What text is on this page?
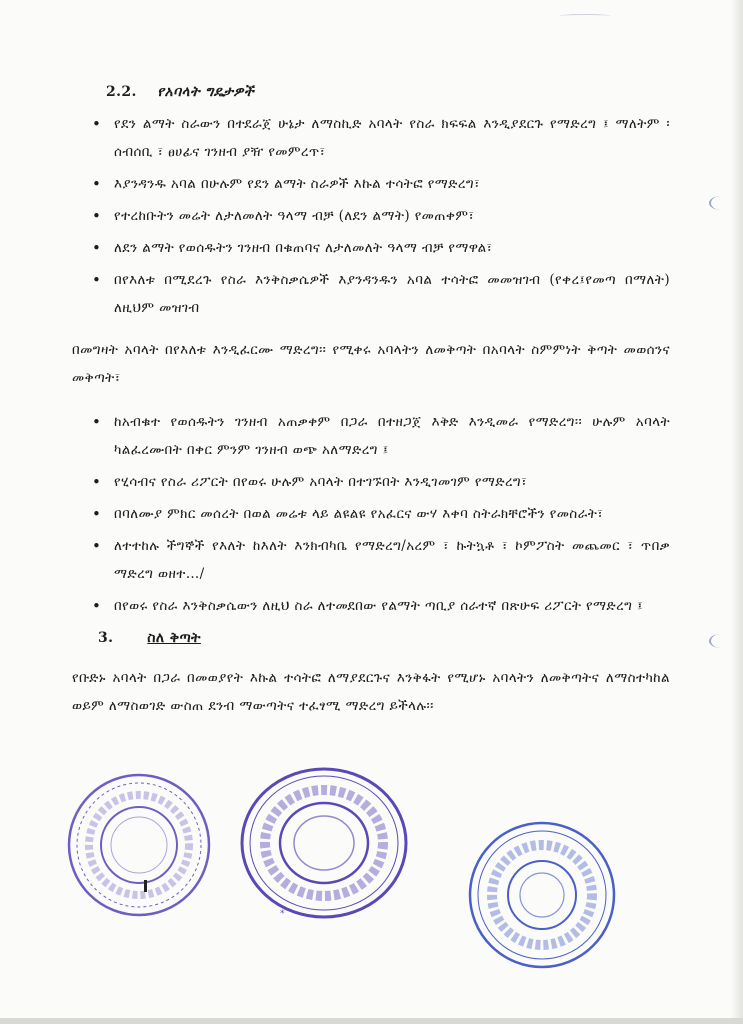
2.2. የአባላት ግዴታዎች
• የደን ልማት ስራውን በተደራጀ ሁኔታ ለማስኪድ አባላት የስራ ክፍፍል እንዲያደርጉ የማድረግ ፤ ማለትም ፡ ሰብሰቢ ፣ ፀሀፊና ገንዘብ ያዥ የመምረጥ፣
• እያንዳንዱ አባል በሁሉም የደን ልማት ስራዎች እኩል ተሳትፎ የማድረግ፣
• የተረከቡትን መሬት ለታለመለት ዓላማ ብቻ (ለደን ልማት) የመጠቀም፣
• ለደን ልማት የወሰዱትን ገንዘብ በቁጠባና ለታለመለት ዓላማ ብቻ የማዋል፣
• በየእለቱ በሚደረጉ የስራ እንቅስቃሴዎች እያንዳንዱን አባል ተሳትፎ መመዝገብ (የቀረ፤የመጣ በማለት) ለዚህም መዝገብ
በመግዛት አባላት በየእለቱ እንዲፈርሙ ማድረግ፡፡ የሚቀሩ አባላትን ለመቅጣት በአባላት ስምምነት ቅጣት መወሰንና መቅጣት፣
• ከአብቁተ የወሰዱትን ገንዘብ አጠቃቀም በጋራ በተዘጋጀ እቅድ እንዲመራ የማድረግ፡፡ ሁሉም አባላት ካልፈረሙበት በቀር ምንም ገንዘብ ወጭ አለማድረግ ፤
• የሂሳብና የስራ ሪፖርት በየወሩ ሁሉም አባላት በተገኙበት እንዲገመገም የማድረግ፣
• በባለሙያ ምክር መሰረት በወል መሬቱ ላይ ልዩልዩ የአፈርና ውሃ እቀባ ስትራክቸሮችን የመስራት፣
• ለተተከሉ ችግኞች የእለት ከእለት እንክብካቤ የማድረግ/አረም ፣ ኩትኳቶ ፣ ኮምፖስት መጨመር ፣ ጥበቃ ማድረግ ወዘተ…/
• በየወሩ የስራ እንቅስቃሴውን ለዚህ ስራ ለተመደበው የልማት ጣቢያ ሰራተኛ በጽሁፍ ሪፖርት የማድረግ ፤
3. ስለ ቅጣት
የቡድኑ አባላት በጋራ በመወያየት እኩል ተሳትፎ ለማያደርጉና እንቅፋት የሚሆኑ አባላትን ለመቅጣትና ለማስተካከል ወይም ለማስወገድ ውስጠ ደንብ ማውጣትና ተፈፃሚ ማድረግ ይችላሉ፡፡
*
